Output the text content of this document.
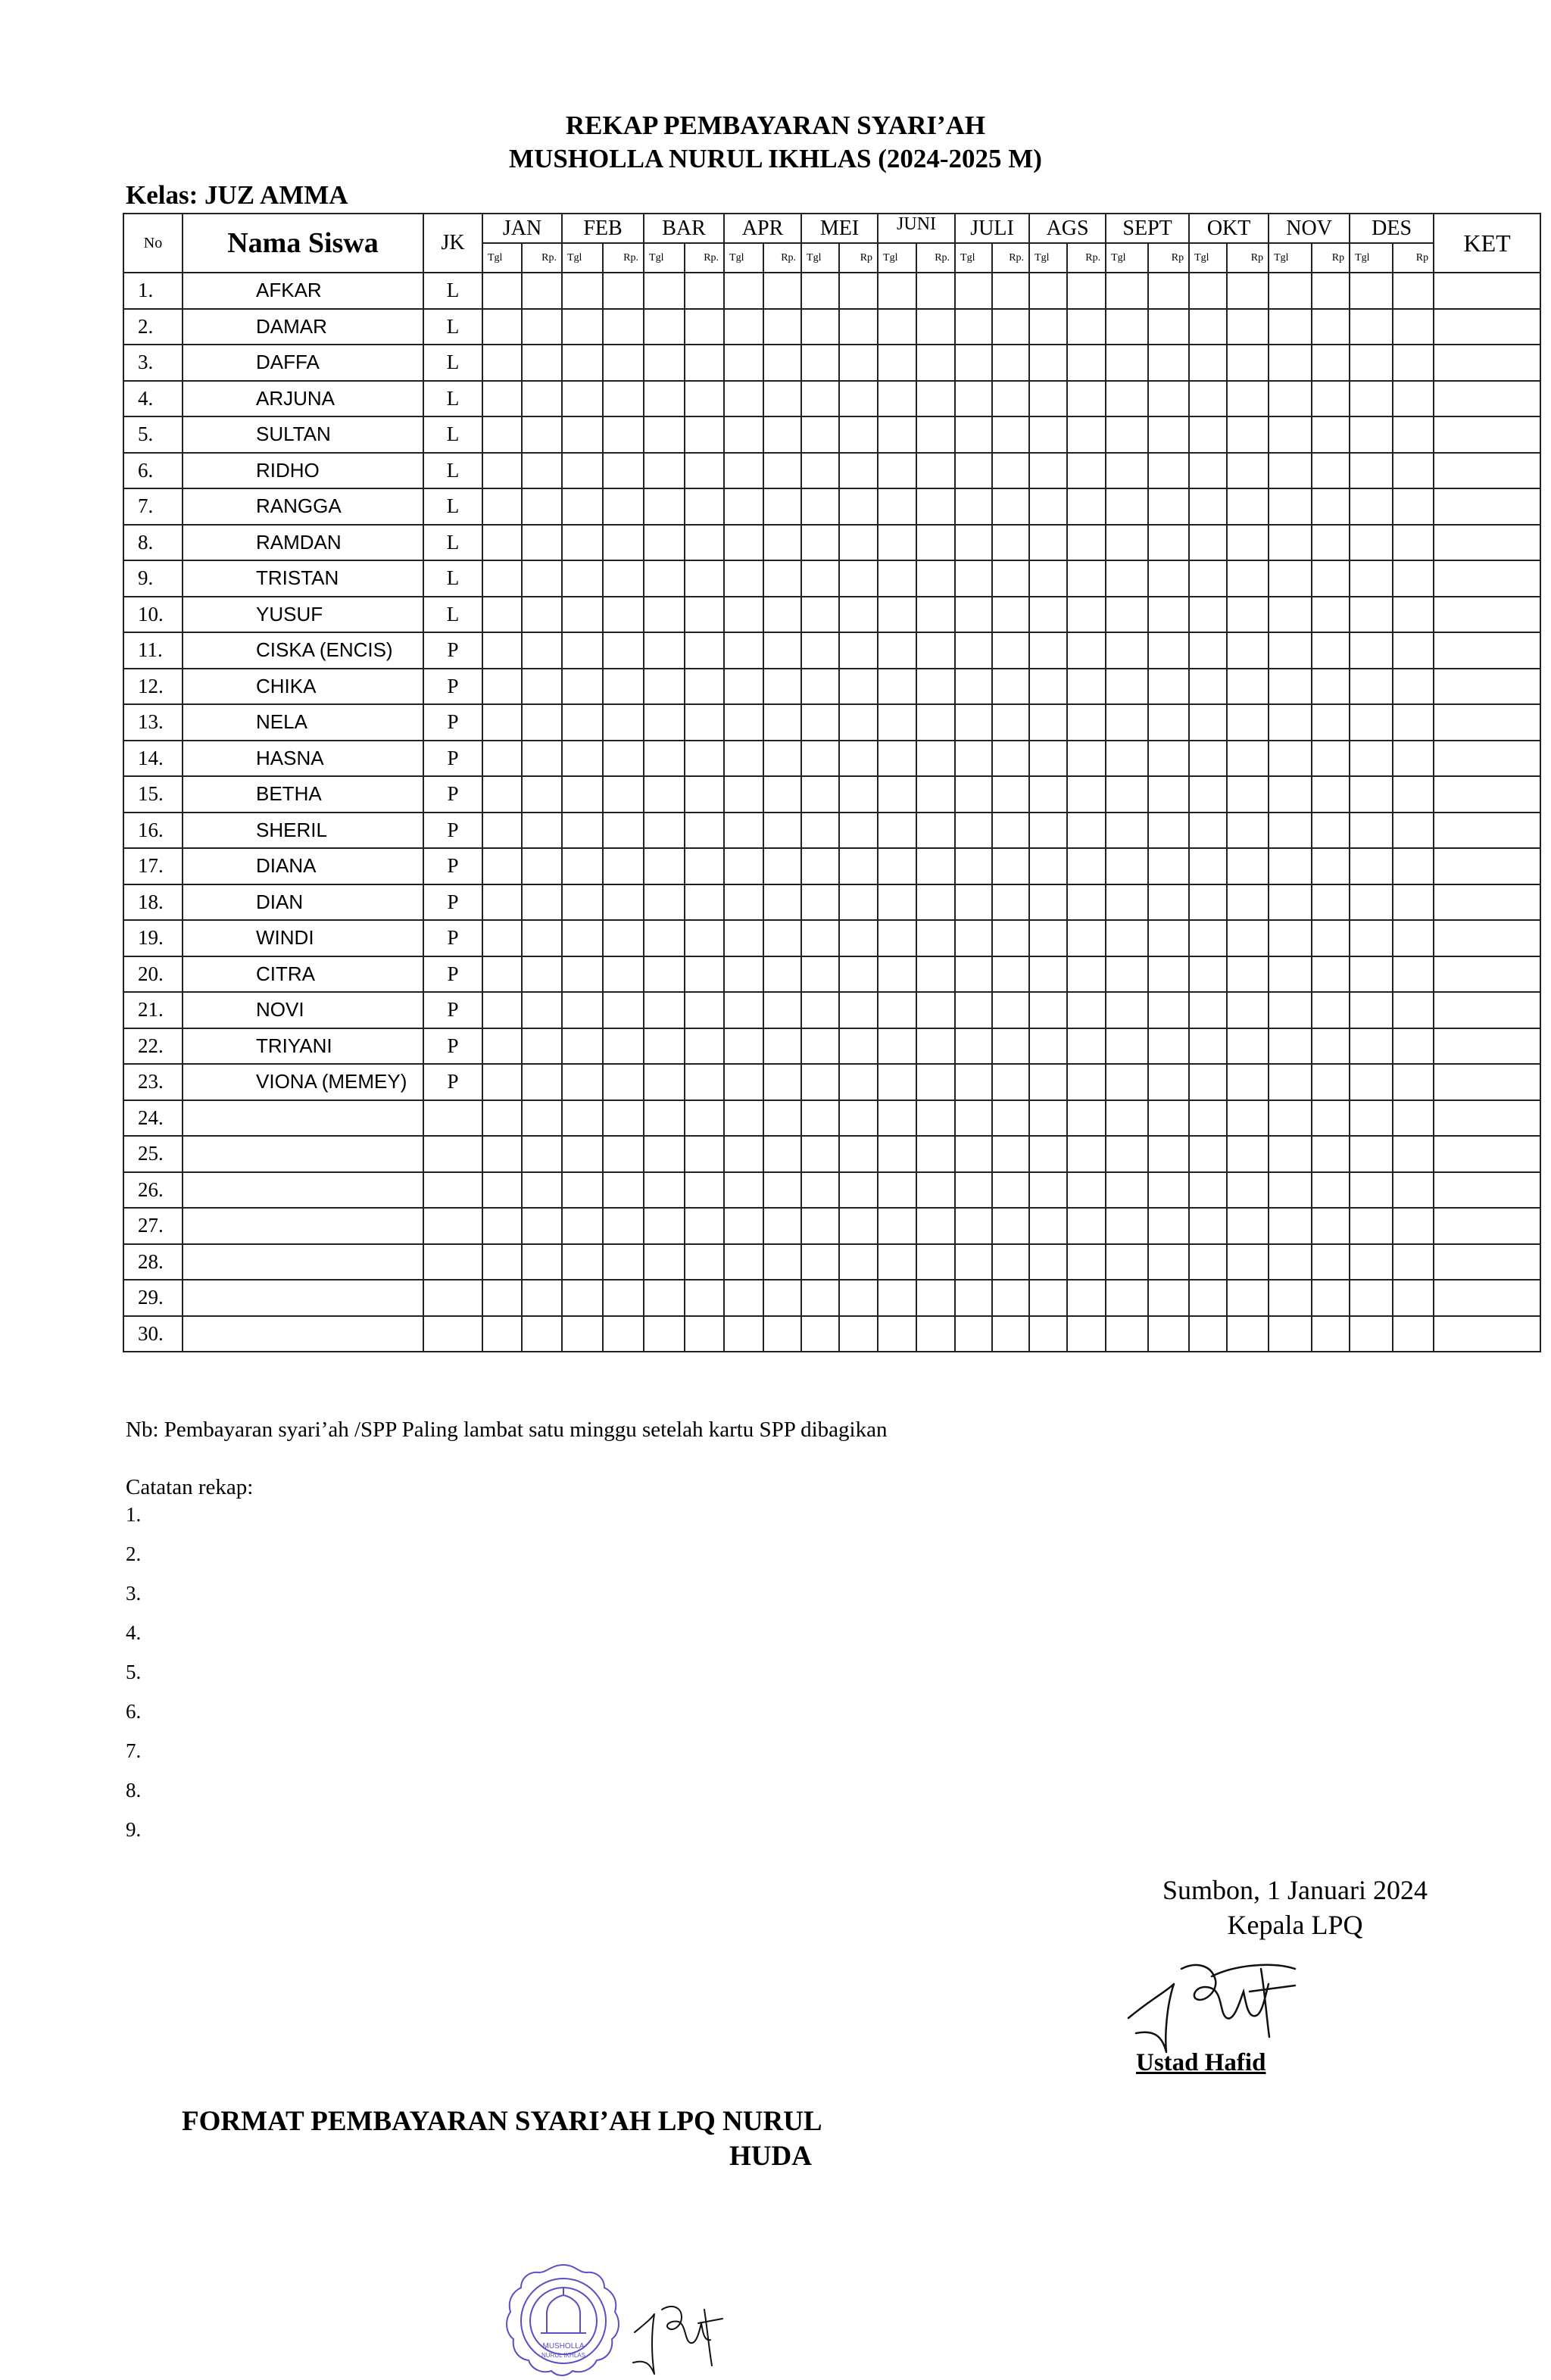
REKAP PEMBAYARAN SYARI’AH
MUSHOLLA NURUL IKHLAS (2024-2025 M)
Kelas: JUZ AMMA
No	Nama Siswa	JK	JAN		FEB		BAR		APR		MEI		JUNI		JULI		AGS		SEPT		OKT		NOV		DES		KET
			Tgl	Rp.	Tgl	Rp.	Tgl	Rp.	Tgl	Rp.	Tgl	Rp	Tgl	Rp.	Tgl	Rp.	Tgl	Rp.	Tgl	Rp	Tgl	Rp	Tgl	Rp	Tgl	Rp	
1.	AFKAR	L																									
2.	DAMAR	L																									
3.	DAFFA	L																									
4.	ARJUNA	L																									
5.	SULTAN	L																									
6.	RIDHO	L																									
7.	RANGGA	L																									
8.	RAMDAN	L																									
9.	TRISTAN	L																									
10.	YUSUF	L																									
11.	CISKA (ENCIS)	P																									
12.	CHIKA	P																									
13.	NELA	P																									
14.	HASNA	P																									
15.	BETHA	P																									
16.	SHERIL	P																									
17.	DIANA	P																									
18.	DIAN	P																									
19.	WINDI	P																									
20.	CITRA	P																									
21.	NOVI	P																									
22.	TRIYANI	P																									
23.	VIONA (MEMEY)	P																									
24.																											
25.																											
26.																											
27.																											
28.																											
29.																											
30.																											
Nb: Pembayaran syari’ah /SPP Paling lambat satu minggu setelah kartu SPP dibagikan
Catatan rekap:
1.
2.
3.
4.
5.
6.
7.
8.
9.
Sumbon, 1 Januari 2024
Kepala LPQ
Ustad Hafid
FORMAT PEMBAYARAN SYARI’AH LPQ NURUL
HUDA
MUSHOLLA
NURUL IKHLAS
